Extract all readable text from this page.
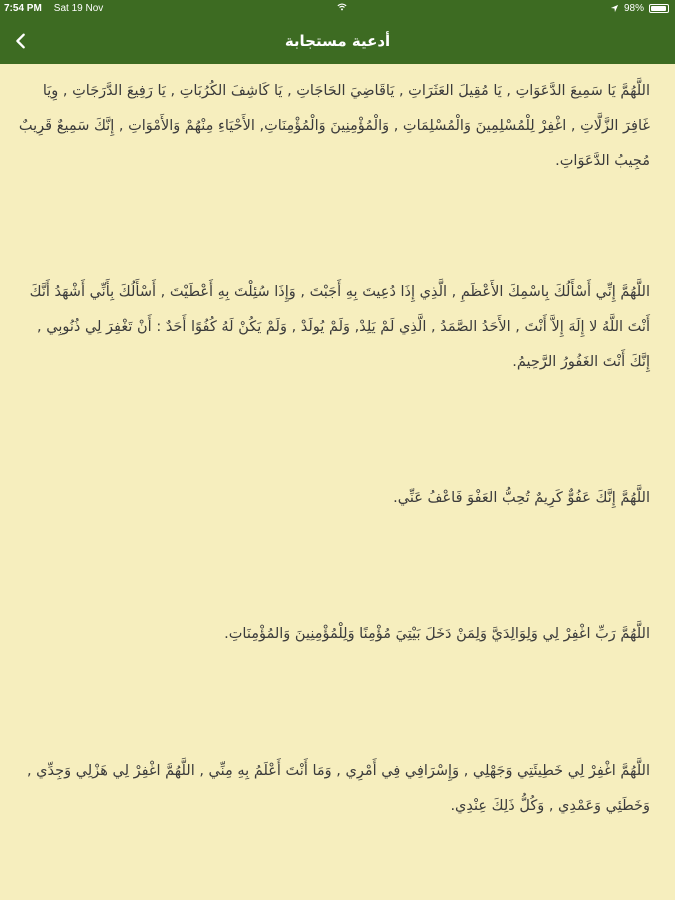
7:54 PM Sat 19 Nov	98%
أدعية مستجابة

اللَّهُمَّ يَا سَمِيعَ الدَّعَوَاتِ , يَا مُقِيلَ العَثَرَاتِ , يَاقَاضِيَ الحَاجَاتِ , يَا كَاشِفَ الكُرُبَاتِ , يَا رَفِيعَ الدَّرَجَاتِ , وِيَا غَافِرَ الزَّلَّاتِ , اغْفِرْ لِلْمُسْلِمِينَ وَالْمُسْلِمَاتِ , وَالْمُؤْمِنِينَ وَالْمُؤْمِنَاتِ, الأَحْيَاءِ مِنْهُمْ وَالأَمْوَاتِ , إِنَّكَ سَمِيعٌ قَرِيبٌ مُجِيبُ الدَّعَوَاتِ.

اللَّهُمَّ إِنِّي أَسْأَلُكَ بِاسْمِكَ الأَعْظَمِ , الَّذِي إِذَا دُعِيتَ بِهِ أَجَبْتَ , وَإِذَا سُئِلْتَ بِهِ أَعْطَيْتَ , أَسْأَلُكَ بِأَنِّي أَشْهَدُ أَنَّكَ أَنْتَ اللَّهُ لا إِلَهَ إِلاَّ أَنْتَ , الأَحَدُ الصَّمَدُ , الَّذِي لَمْ يَلِدْ, وَلَمْ يُولَدْ , وَلَمْ يَكُنْ لَهُ كُفُوًا أَحَدٌ : أَنْ تَغْفِرَ لِي ذُنُوبِي , إِنَّكَ أَنْتَ الغَفُورُ الرَّحِيمُ.

اللَّهُمَّ إِنَّكَ عَفُوٌّ كَرِيمٌ تُحِبُّ العَفْوَ فَاعْفُ عَنِّي.

اللَّهُمَّ رَبِّ اغْفِرْ لِي وَلِوَالِدَيَّ وَلِمَنْ دَخَلَ بَيْتِيَ مُؤْمِنًا وَلِلْمُؤْمِنِينَ وَالمُؤْمِنَاتِ.

اللَّهُمَّ اغْفِرْ لِي خَطِيئَتِي وَجَهْلِي , وَإِسْرَافِي فِي أَمْرِي , وَمَا أَنْتَ أَعْلَمُ بِهِ مِنِّي , اللَّهُمَّ اغْفِرْ لِي هَزْلِي وَجِدِّي , وَخَطَئِي وَعَمْدِي , وَكُلُّ ذَلِكَ عِنْدِي.
